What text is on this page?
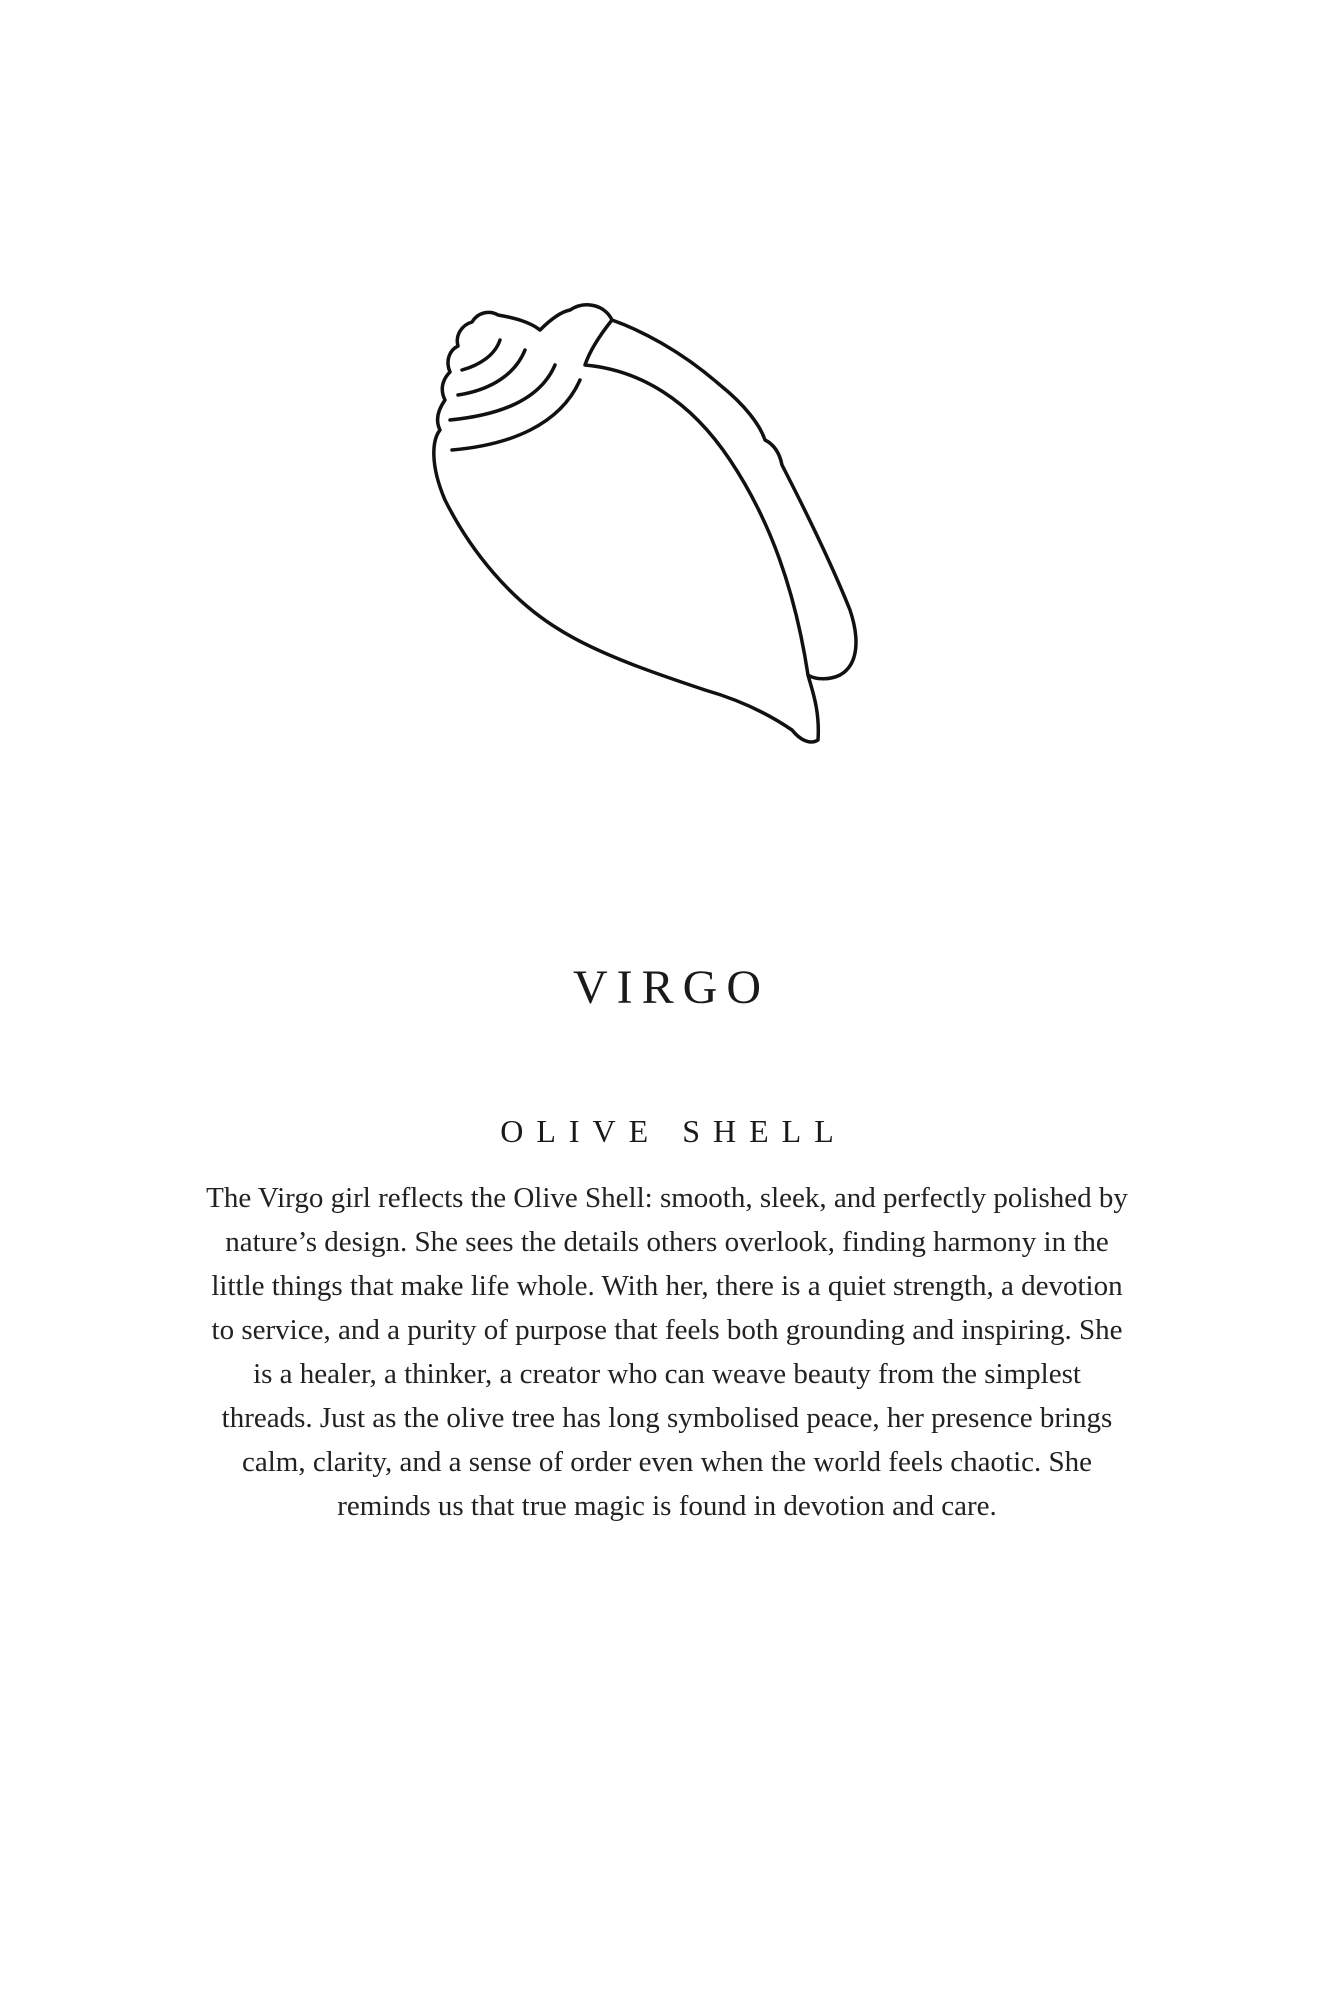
VIRGO
OLIVE SHELL

The Virgo girl reflects the Olive Shell: smooth, sleek, and perfectly polished by nature’s design. She sees the details others overlook, finding harmony in the little things that make life whole. With her, there is a quiet strength, a devotion to service, and a purity of purpose that feels both grounding and inspiring. She is a healer, a thinker, a creator who can weave beauty from the simplest threads. Just as the olive tree has long symbolised peace, her presence brings calm, clarity, and a sense of order even when the world feels chaotic. She reminds us that true magic is found in devotion and care.
